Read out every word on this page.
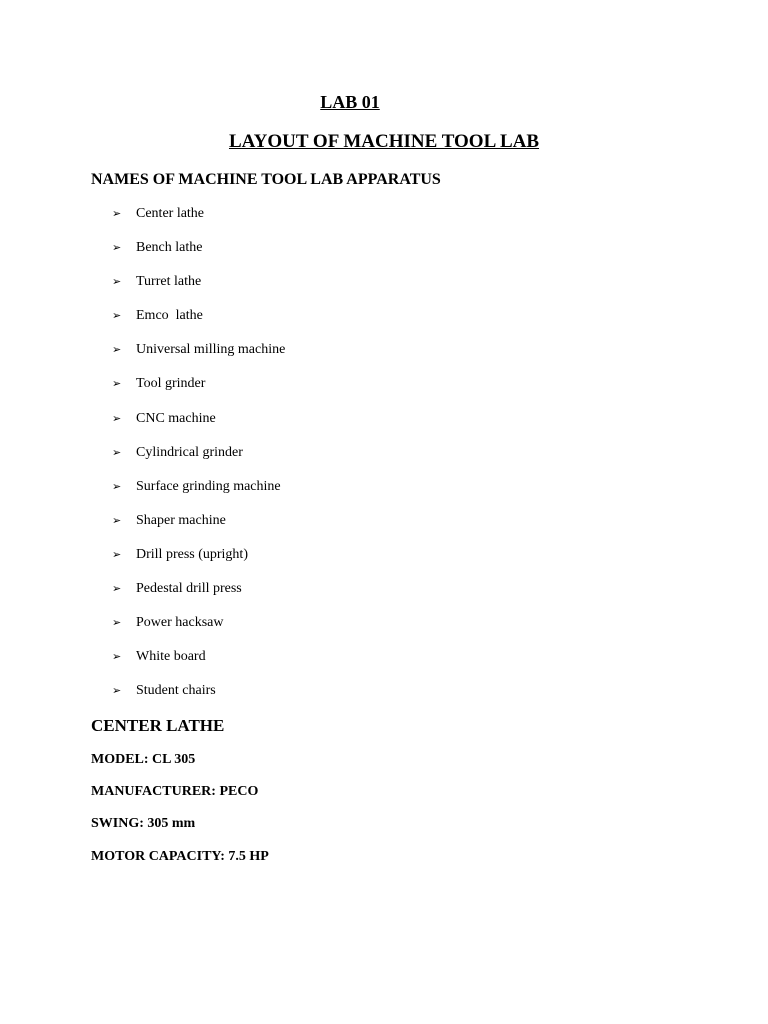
LAB 01
LAYOUT OF MACHINE TOOL LAB
NAMES OF MACHINE TOOL LAB APPARATUS
➢	Center lathe
➢	Bench lathe
➢	Turret lathe
➢	Emco  lathe
➢	Universal milling machine
➢	Tool grinder
➢	CNC machine
➢	Cylindrical grinder
➢	Surface grinding machine
➢	Shaper machine
➢	Drill press (upright)
➢	Pedestal drill press
➢	Power hacksaw
➢	White board
➢	Student chairs
CENTER LATHE
MODEL: CL 305
MANUFACTURER: PECO
SWING: 305 mm
MOTOR CAPACITY: 7.5 HP
